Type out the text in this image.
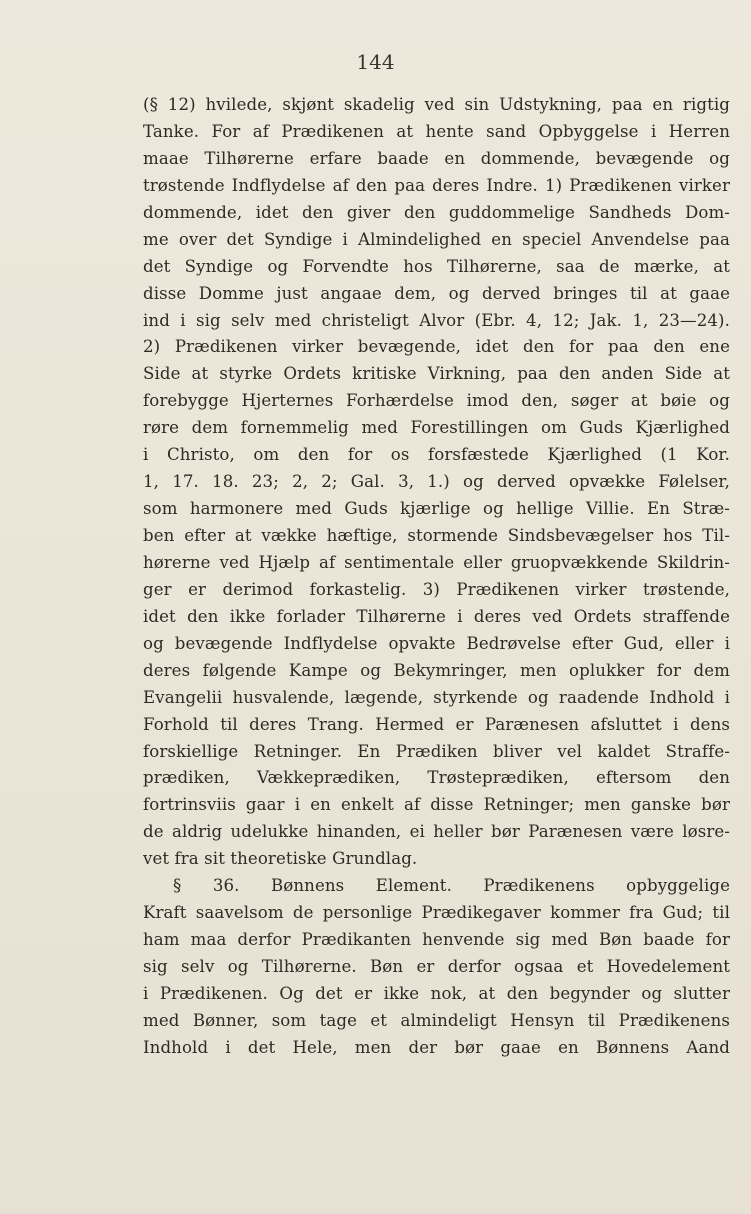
144
(§ 12) hvilede, skjønt skadelig ved sin Udstykning, paa en rigtig
Tanke. For af Prædikenen at hente sand Opbyggelse i Herren
maae Tilhørerne erfare baade en dommende, bevægende og
trøstende Indflydelse af den paa deres Indre. 1) Prædikenen virker
dommende, idet den giver den guddommelige Sandheds Dom-
me over det Syndige i Almindelighed en speciel Anvendelse paa
det Syndige og Forvendte hos Tilhørerne, saa de mærke, at
disse Domme just angaae dem, og derved bringes til at gaae
ind i sig selv med christeligt Alvor (Ebr. 4, 12; Jak. 1, 23—24).
2) Prædikenen virker bevægende, idet den for paa den ene
Side at styrke Ordets kritiske Virkning, paa den anden Side at
forebygge Hjerternes Forhærdelse imod den, søger at bøie og
røre dem fornemmelig med Forestillingen om Guds Kjærlighed
i Christo, om den for os forsfæstede Kjærlighed (1 Kor.
1, 17. 18. 23; 2, 2; Gal. 3, 1.) og derved opvække Følelser,
som harmonere med Guds kjærlige og hellige Villie. En Stræ-
ben efter at vække hæftige, stormende Sindsbevægelser hos Til-
hørerne ved Hjælp af sentimentale eller gruopvækkende Skildrin-
ger er derimod forkastelig. 3) Prædikenen virker trøstende,
idet den ikke forlader Tilhørerne i deres ved Ordets straffende
og bevægende Indflydelse opvakte Bedrøvelse efter Gud, eller i
deres følgende Kampe og Bekymringer, men oplukker for dem
Evangelii husvalende, lægende, styrkende og raadende Indhold i
Forhold til deres Trang. Hermed er Parænesen afsluttet i dens
forskiellige Retninger. En Prædiken bliver vel kaldet Straffe-
prædiken, Vækkeprædiken, Trøsteprædiken, eftersom den
fortrinsviis gaar i en enkelt af disse Retninger; men ganske bør
de aldrig udelukke hinanden, ei heller bør Parænesen være løsre-
vet fra sit theoretiske Grundlag.
§ 36. Bønnens Element. Prædikenens opbyggelige
Kraft saavelsom de personlige Prædikegaver kommer fra Gud; til
ham maa derfor Prædikanten henvende sig med Bøn baade for
sig selv og Tilhørerne. Bøn er derfor ogsaa et Hovedelement
i Prædikenen. Og det er ikke nok, at den begynder og slutter
med Bønner, som tage et almindeligt Hensyn til Prædikenens
Indhold i det Hele, men der bør gaae en Bønnens Aand
